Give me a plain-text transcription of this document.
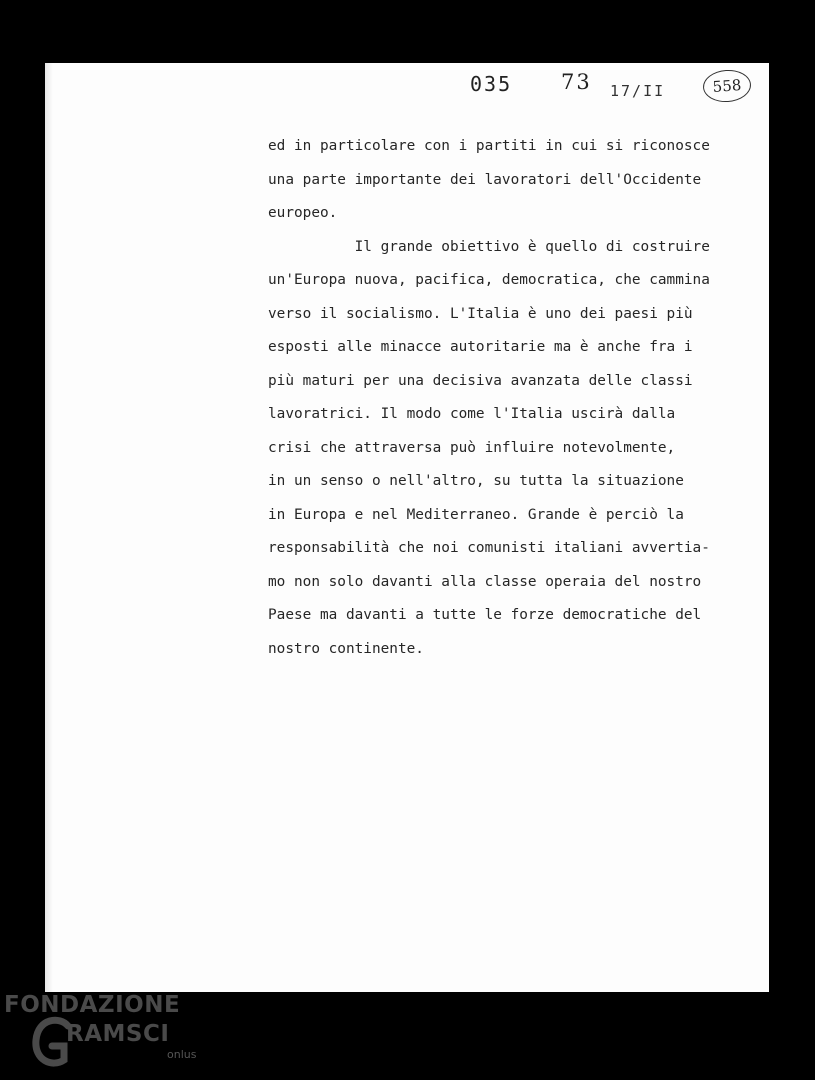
035 73 17/II	558
ed in particolare con i partiti in cui si riconosce
una parte importante dei lavoratori dell'Occidente
europeo.
Il grande obiettivo è quello di costruire
un'Europa nuova, pacifica, democratica, che cammina
verso il socialismo. L'Italia è uno dei paesi più
esposti alle minacce autoritarie ma è anche fra i
più maturi per una decisiva avanzata delle classi
lavoratrici. Il modo come l'Italia uscirà dalla
crisi che attraversa può influire notevolmente,
in un senso o nell'altro, su tutta la situazione
in Europa e nel Mediterraneo. Grande è perciò la
responsabilità che noi comunisti italiani avvertia-
mo non solo davanti alla classe operaia del nostro
Paese ma davanti a tutte le forze democratiche del
nostro continente.
FONDAZIONE
RAMSCI
onlus
